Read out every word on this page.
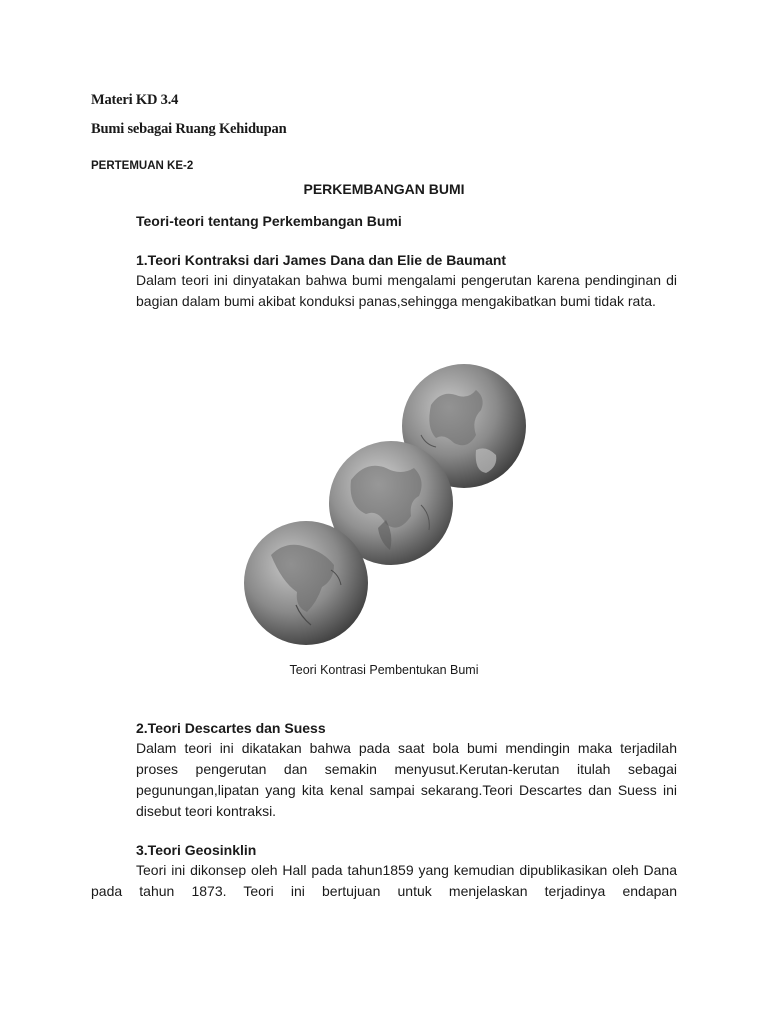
Materi KD 3.4
Bumi sebagai Ruang Kehidupan
PERTEMUAN KE-2
PERKEMBANGAN BUMI
Teori-teori tentang Perkembangan Bumi
1.Teori Kontraksi dari James Dana dan Elie de Baumant
Dalam teori ini dinyatakan bahwa bumi mengalami pengerutan karena pendinginan di bagian dalam bumi akibat konduksi panas,sehingga mengakibatkan bumi tidak rata.
Teori Kontrasi Pembentukan Bumi
2.Teori Descartes dan Suess
Dalam teori ini dikatakan bahwa pada saat bola bumi mendingin maka terjadilah proses pengerutan dan semakin menyusut.Kerutan-kerutan itulah sebagai pegunungan,lipatan yang kita kenal sampai sekarang.Teori Descartes dan Suess ini disebut teori kontraksi.
3.Teori Geosinklin
Teori ini dikonsep oleh Hall pada tahun1859 yang kemudian dipublikasikan oleh Dana pada tahun 1873. Teori ini bertujuan untuk menjelaskan terjadinya endapan
